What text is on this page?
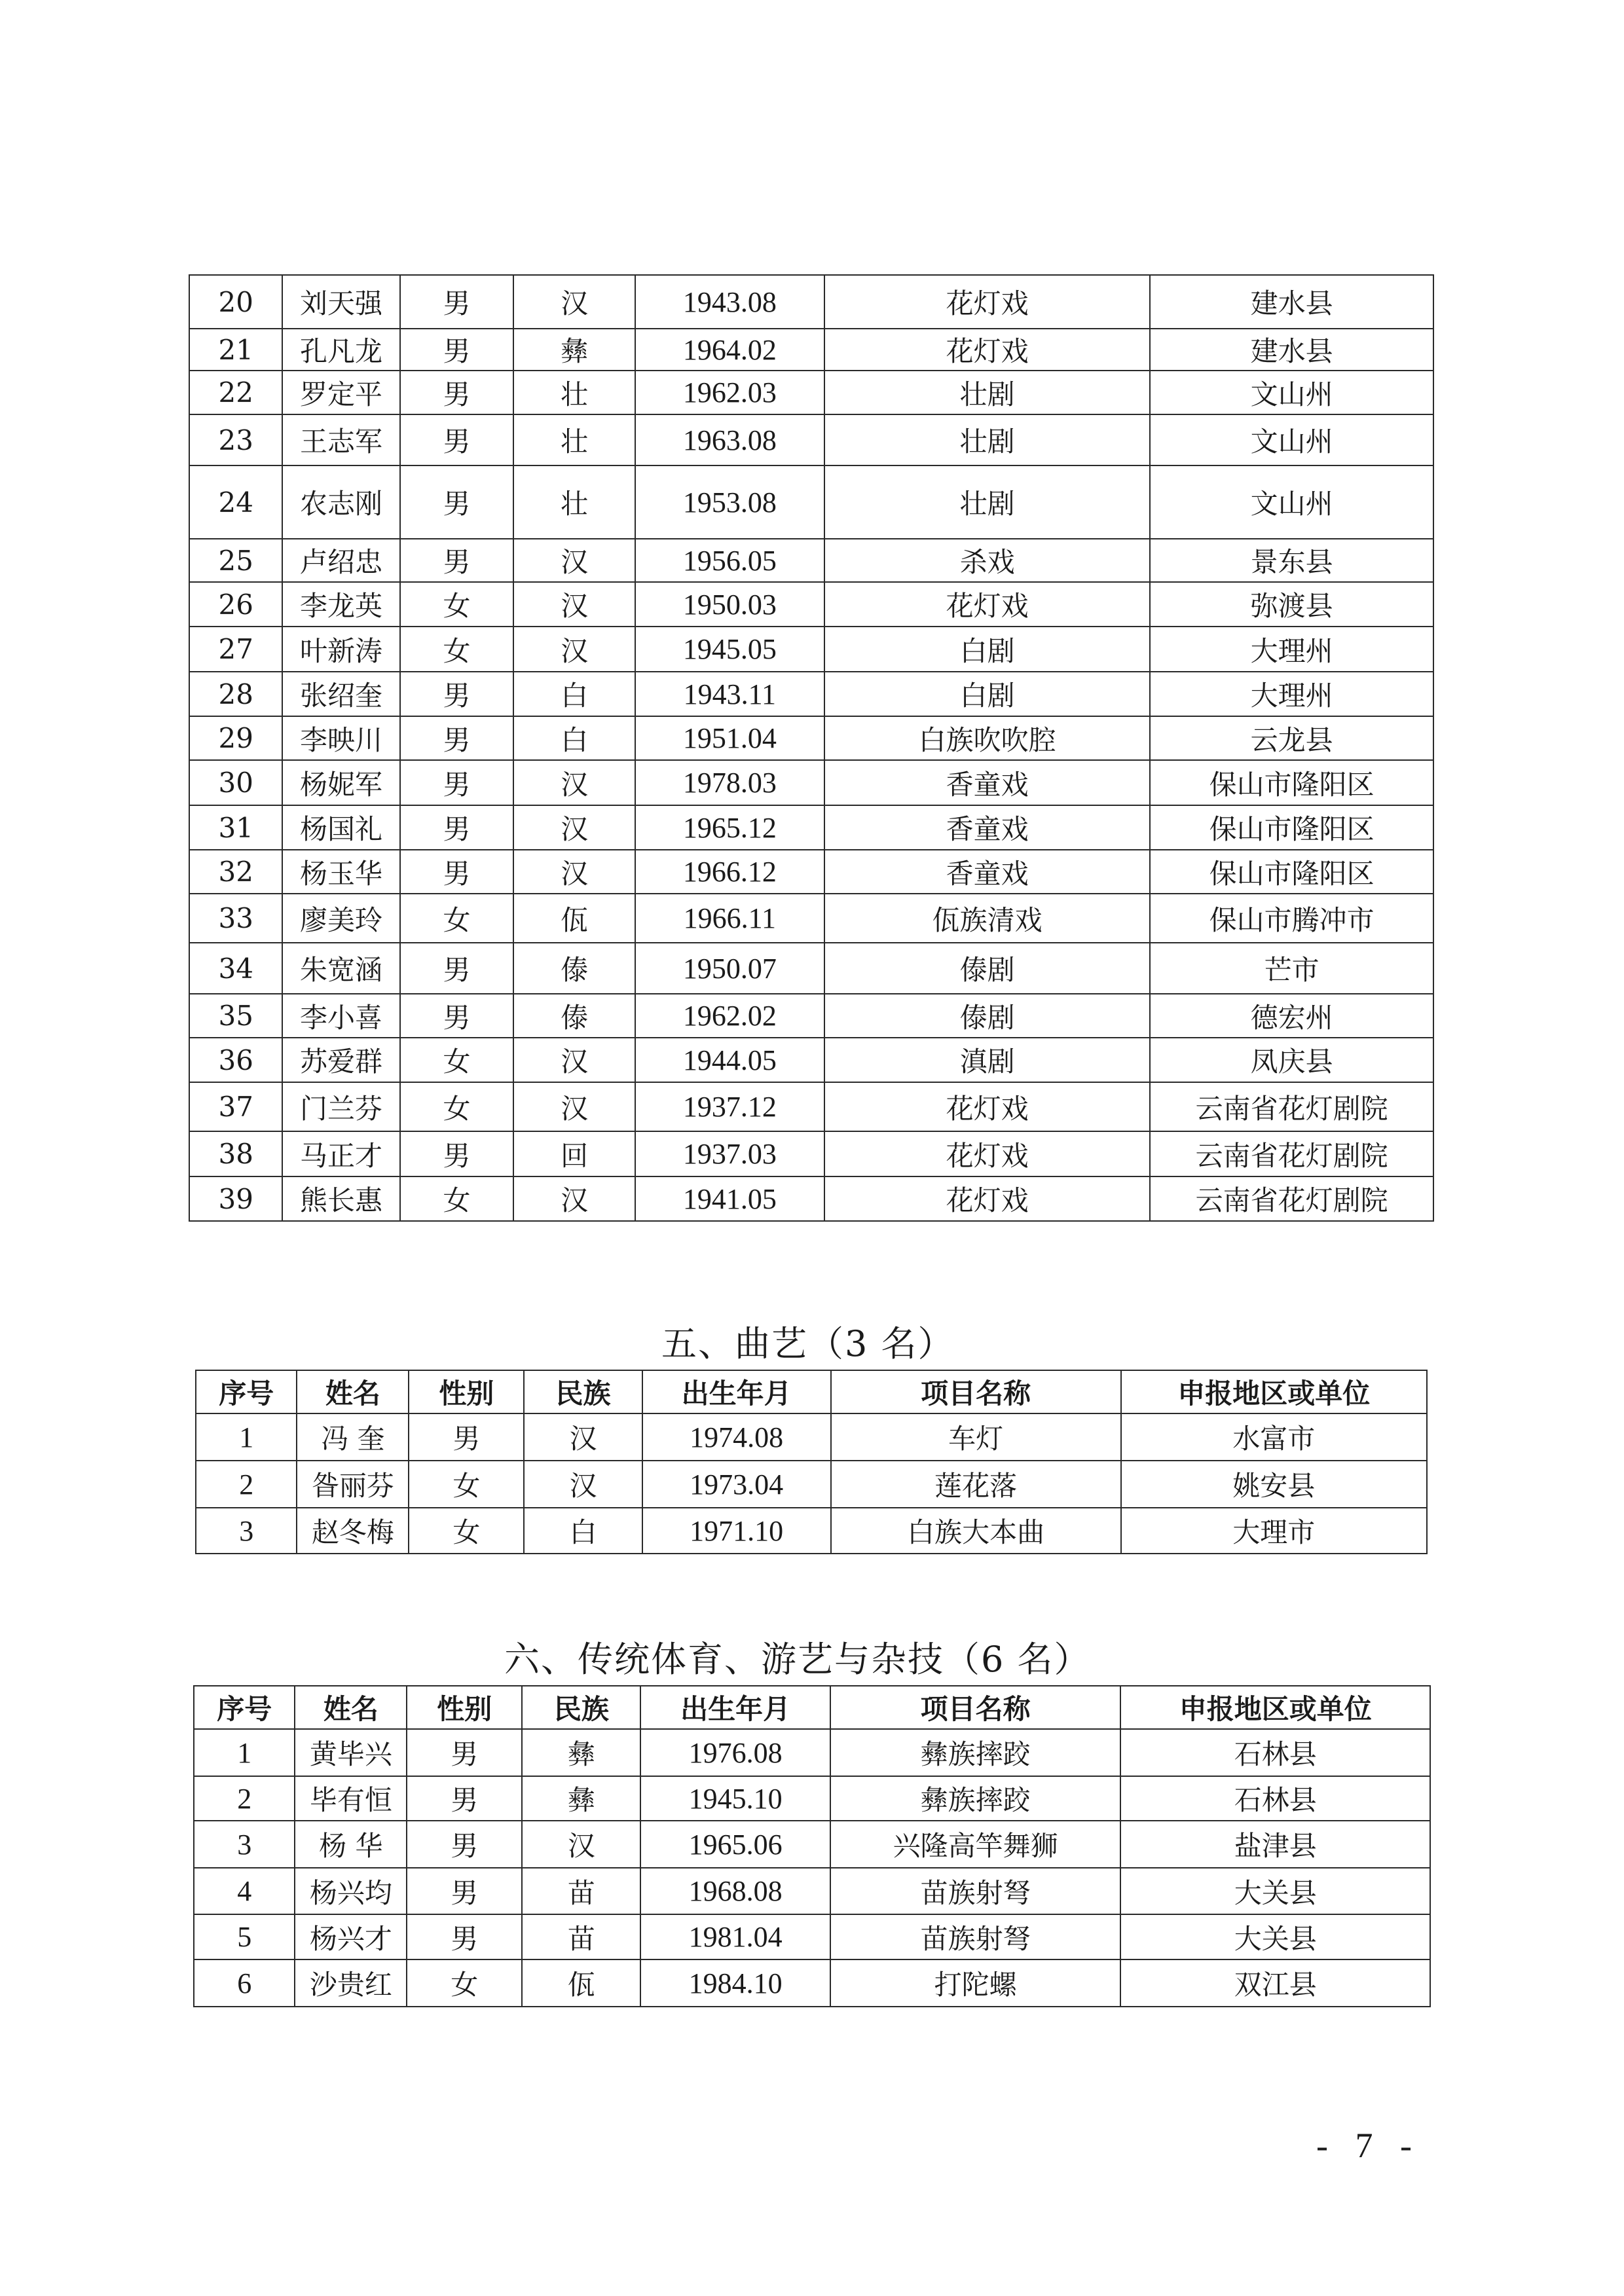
20	刘天强	男	汉	1943.08	花灯戏	建水县
21	孔凡龙	男	彝	1964.02	花灯戏	建水县
22	罗定平	男	壮	1962.03	壮剧	文山州
23	王志军	男	壮	1963.08	壮剧	文山州
24	农志刚	男	壮	1953.08	壮剧	文山州
25	卢绍忠	男	汉	1956.05	杀戏	景东县
26	李龙英	女	汉	1950.03	花灯戏	弥渡县
27	叶新涛	女	汉	1945.05	白剧	大理州
28	张绍奎	男	白	1943.11	白剧	大理州
29	李映川	男	白	1951.04	白族吹吹腔	云龙县
30	杨妮军	男	汉	1978.03	香童戏	保山市隆阳区
31	杨国礼	男	汉	1965.12	香童戏	保山市隆阳区
32	杨玉华	男	汉	1966.12	香童戏	保山市隆阳区
33	廖美玲	女	佤	1966.11	佤族清戏	保山市腾冲市
34	朱宽涵	男	傣	1950.07	傣剧	芒市
35	李小喜	男	傣	1962.02	傣剧	德宏州
36	苏爱群	女	汉	1944.05	滇剧	凤庆县
37	门兰芬	女	汉	1937.12	花灯戏	云南省花灯剧院
38	马正才	男	回	1937.03	花灯戏	云南省花灯剧院
39	熊长惠	女	汉	1941.05	花灯戏	云南省花灯剧院
五、曲艺（3 名）
序号	姓名	性别	民族	出生年月	项目名称	申报地区或单位
1	冯 奎	男	汉	1974.08	车灯	水富市
2	昝丽芬	女	汉	1973.04	莲花落	姚安县
3	赵冬梅	女	白	1971.10	白族大本曲	大理市
六、传统体育、游艺与杂技（6 名）
序号	姓名	性别	民族	出生年月	项目名称	申报地区或单位
1	黄毕兴	男	彝	1976.08	彝族摔跤	石林县
2	毕有恒	男	彝	1945.10	彝族摔跤	石林县
3	杨 华	男	汉	1965.06	兴隆高竿舞狮	盐津县
4	杨兴均	男	苗	1968.08	苗族射弩	大关县
5	杨兴才	男	苗	1981.04	苗族射弩	大关县
6	沙贵红	女	佤	1984.10	打陀螺	双江县
- 7 -
